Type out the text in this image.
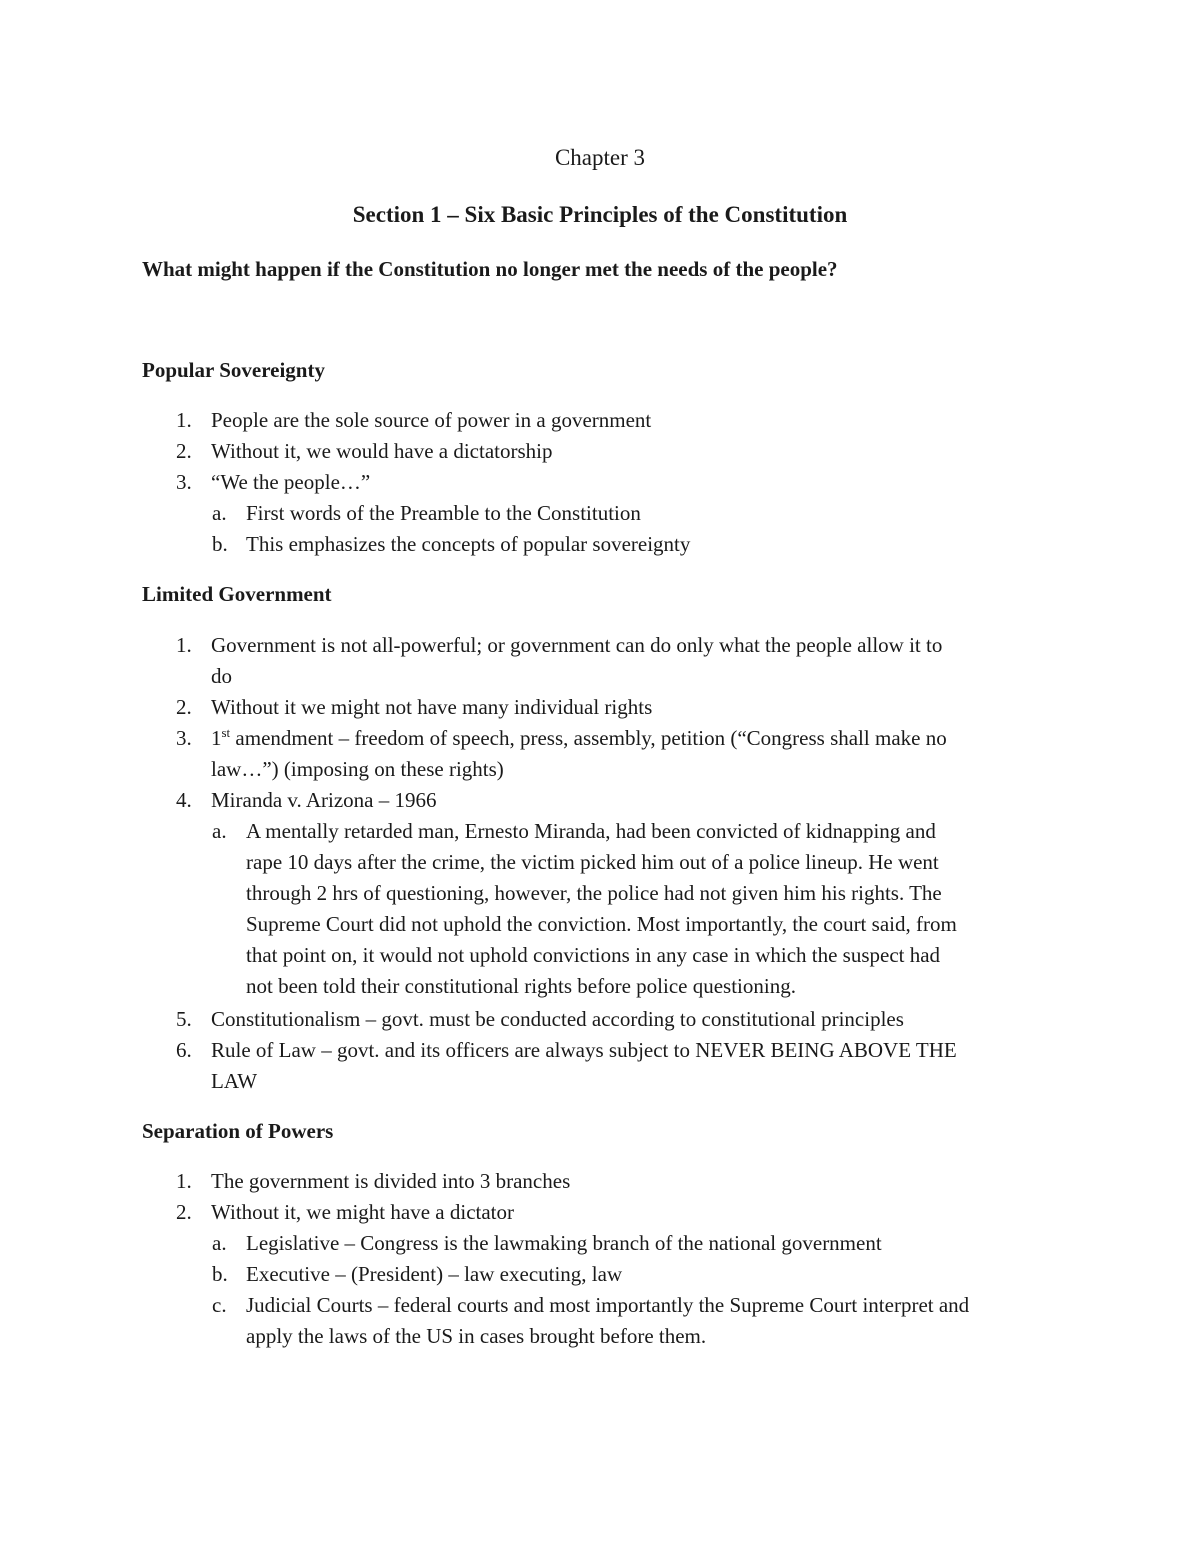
Chapter 3
Section 1 – Six Basic Principles of the Constitution
What might happen if the Constitution no longer met the needs of the people?
Popular Sovereignty
1. People are the sole source of power in a government
2. Without it, we would have a dictatorship
3. “We the people…”
a. First words of the Preamble to the Constitution
b. This emphasizes the concepts of popular sovereignty
Limited Government
1. Government is not all-powerful; or government can do only what the people allow it to
do
2. Without it we might not have many individual rights
3. 1st amendment – freedom of speech, press, assembly, petition (“Congress shall make no
law…”) (imposing on these rights)
4. Miranda v. Arizona – 1966
a. A mentally retarded man, Ernesto Miranda, had been convicted of kidnapping and
rape 10 days after the crime, the victim picked him out of a police lineup. He went
through 2 hrs of questioning, however, the police had not given him his rights. The
Supreme Court did not uphold the conviction. Most importantly, the court said, from
that point on, it would not uphold convictions in any case in which the suspect had
not been told their constitutional rights before police questioning.
5. Constitutionalism – govt. must be conducted according to constitutional principles
6. Rule of Law – govt. and its officers are always subject to NEVER BEING ABOVE THE
LAW
Separation of Powers
1. The government is divided into 3 branches
2. Without it, we might have a dictator
a. Legislative – Congress is the lawmaking branch of the national government
b. Executive – (President) – law executing, law
c. Judicial Courts – federal courts and most importantly the Supreme Court interpret and
apply the laws of the US in cases brought before them.
